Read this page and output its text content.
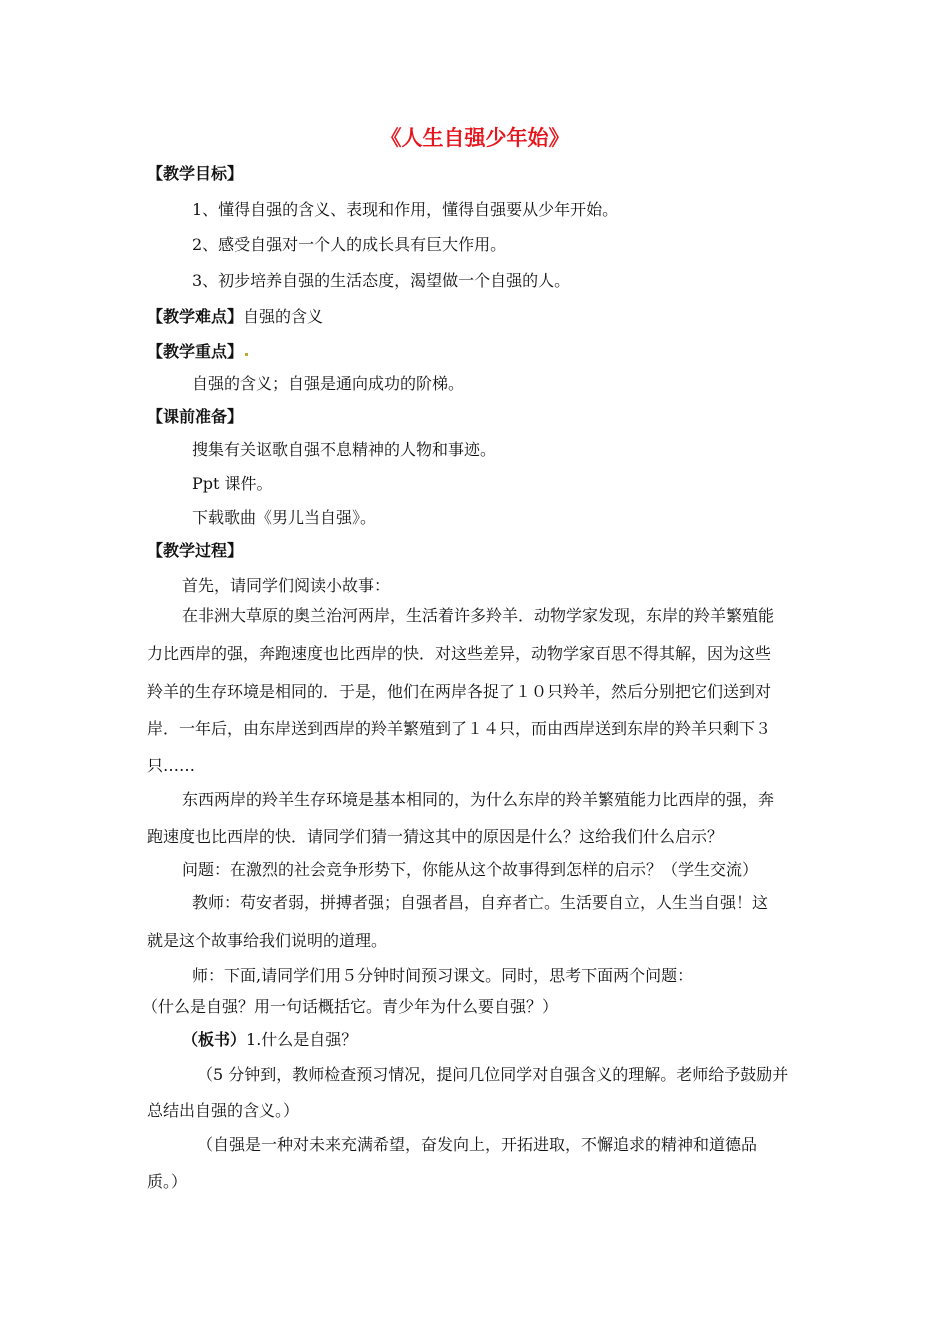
《人生自强少年始》
【教学目标】
1、懂得自强的含义、表现和作用，懂得自强要从少年开始。
2、感受自强对一个人的成长具有巨大作用。
3、初步培养自强的生活态度，渴望做一个自强的人。
【教学难点】自强的含义
【教学重点】
自强的含义；自强是通向成功的阶梯。
【课前准备】
搜集有关讴歌自强不息精神的人物和事迹。
Ppt 课件。
下载歌曲《男儿当自强》。
【教学过程】
首先，请同学们阅读小故事：
在非洲大草原的奥兰治河两岸，生活着许多羚羊．动物学家发现，东岸的羚羊繁殖能
力比西岸的强，奔跑速度也比西岸的快．对这些差异，动物学家百思不得其解，因为这些
羚羊的生存环境是相同的．于是，他们在两岸各捉了１０只羚羊，然后分别把它们送到对
岸．一年后，由东岸送到西岸的羚羊繁殖到了１４只，而由西岸送到东岸的羚羊只剩下３
只……
东西两岸的羚羊生存环境是基本相同的，为什么东岸的羚羊繁殖能力比西岸的强，奔
跑速度也比西岸的快．请同学们猜一猜这其中的原因是什么？这给我们什么启示？
问题：在激烈的社会竞争形势下，你能从这个故事得到怎样的启示？（学生交流）
教师：苟安者弱，拼搏者强；自强者昌，自弃者亡。生活要自立，人生当自强！这
就是这个故事给我们说明的道理。
师：下面,请同学们用５分钟时间预习课文。同时，思考下面两个问题：
（什么是自强？用一句话概括它。青少年为什么要自强？）
（板书）1.什么是自强？
（5 分钟到，教师检查预习情况，提问几位同学对自强含义的理解。老师给予鼓励并
总结出自强的含义。）
（自强是一种对未来充满希望，奋发向上，开拓进取，不懈追求的精神和道德品
质。）
